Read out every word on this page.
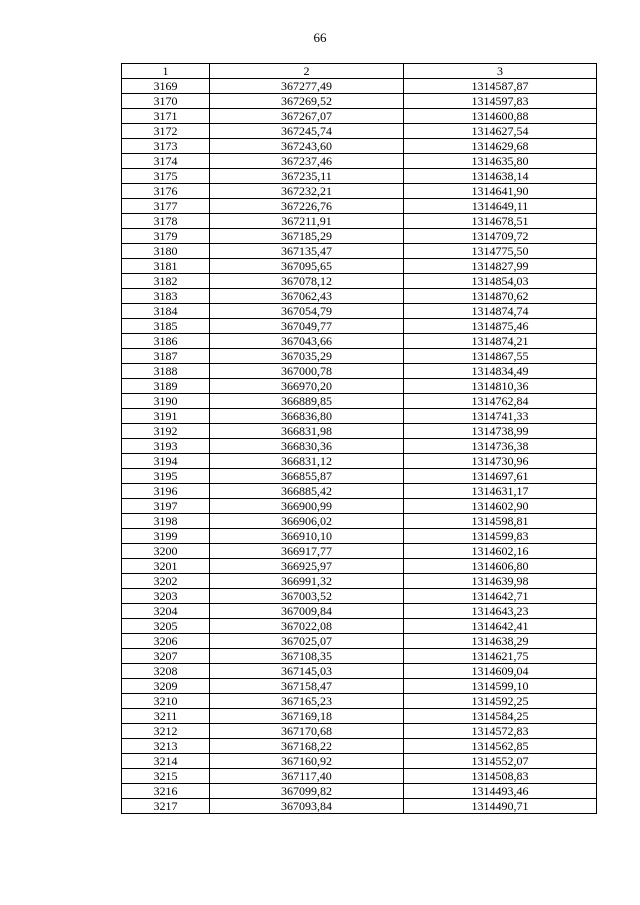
66
1	2	3
3169	367277,49	1314587,87
3170	367269,52	1314597,83
3171	367267,07	1314600,88
3172	367245,74	1314627,54
3173	367243,60	1314629,68
3174	367237,46	1314635,80
3175	367235,11	1314638,14
3176	367232,21	1314641,90
3177	367226,76	1314649,11
3178	367211,91	1314678,51
3179	367185,29	1314709,72
3180	367135,47	1314775,50
3181	367095,65	1314827,99
3182	367078,12	1314854,03
3183	367062,43	1314870,62
3184	367054,79	1314874,74
3185	367049,77	1314875,46
3186	367043,66	1314874,21
3187	367035,29	1314867,55
3188	367000,78	1314834,49
3189	366970,20	1314810,36
3190	366889,85	1314762,84
3191	366836,80	1314741,33
3192	366831,98	1314738,99
3193	366830,36	1314736,38
3194	366831,12	1314730,96
3195	366855,87	1314697,61
3196	366885,42	1314631,17
3197	366900,99	1314602,90
3198	366906,02	1314598,81
3199	366910,10	1314599,83
3200	366917,77	1314602,16
3201	366925,97	1314606,80
3202	366991,32	1314639,98
3203	367003,52	1314642,71
3204	367009,84	1314643,23
3205	367022,08	1314642,41
3206	367025,07	1314638,29
3207	367108,35	1314621,75
3208	367145,03	1314609,04
3209	367158,47	1314599,10
3210	367165,23	1314592,25
3211	367169,18	1314584,25
3212	367170,68	1314572,83
3213	367168,22	1314562,85
3214	367160,92	1314552,07
3215	367117,40	1314508,83
3216	367099,82	1314493,46
3217	367093,84	1314490,71
